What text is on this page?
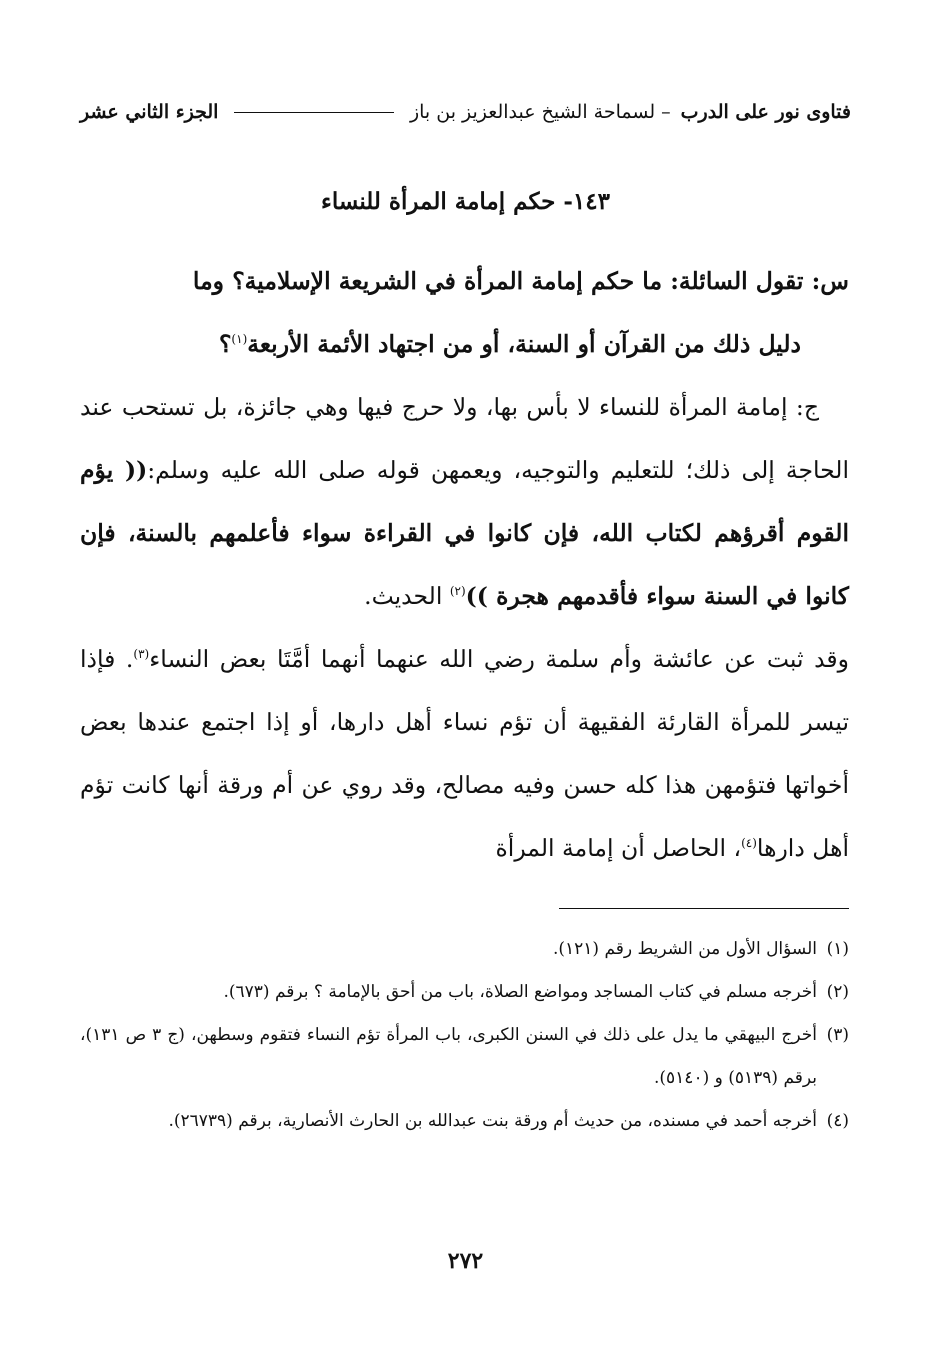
فتاوى نور على الدرب
– لسماحة الشيخ عبدالعزيز بن باز
الجزء الثاني عشر
١٤٣- حكم إمامة المرأة للنساء

س: تقول السائلة: ما حكم إمامة المرأة في الشريعة الإسلامية؟ وما
دليل ذلك من القرآن أو السنة، أو من اجتهاد الأئمة الأربعة$^{(١)}$؟

ج: إمامة المرأة للنساء لا بأس بها، ولا حرج فيها وهي جائزة، بل تستحب عند الحاجة إلى ذلك؛ للتعليم والتوجيه، ويعمهن قوله صلى الله عليه وسلم:(( يؤم القوم أقرؤهم لكتاب الله، فإن كانوا في القراءة سواء فأعلمهم بالسنة، فإن كانوا في السنة سواء فأقدمهم هجرة ))$^{(٢)}$ الحديث.

وقد ثبت عن عائشة وأم سلمة رضي الله عنهما أنهما أمَّتَا بعض النساء$^{(٣)}$. فإذا تيسر للمرأة القارئة الفقيهة أن تؤم نساء أهل دارها، أو إذا اجتمع عندها بعض أخواتها فتؤمهن هذا كله حسن وفيه مصالح، وقد روي عن أم ورقة أنها كانت تؤم أهل دارها$^{(٤)}$، الحاصل أن إمامة المرأة

(١)السؤال الأول من الشريط رقم (١٢١).

(٢)أخرجه مسلم في كتاب المساجد ومواضع الصلاة، باب من أحق بالإمامة ؟ برقم (٦٧٣).

(٣)أخرج البيهقي ما يدل على ذلك في السنن الكبرى، باب المرأة تؤم النساء فتقوم وسطهن، (ج ٣ ص ١٣١)، برقم (٥١٣٩) و (٥١٤٠).

(٤)أخرجه أحمد في مسنده، من حديث أم ورقة بنت عبدالله بن الحارث الأنصارية، برقم (٢٦٧٣٩).

٢٧٢
